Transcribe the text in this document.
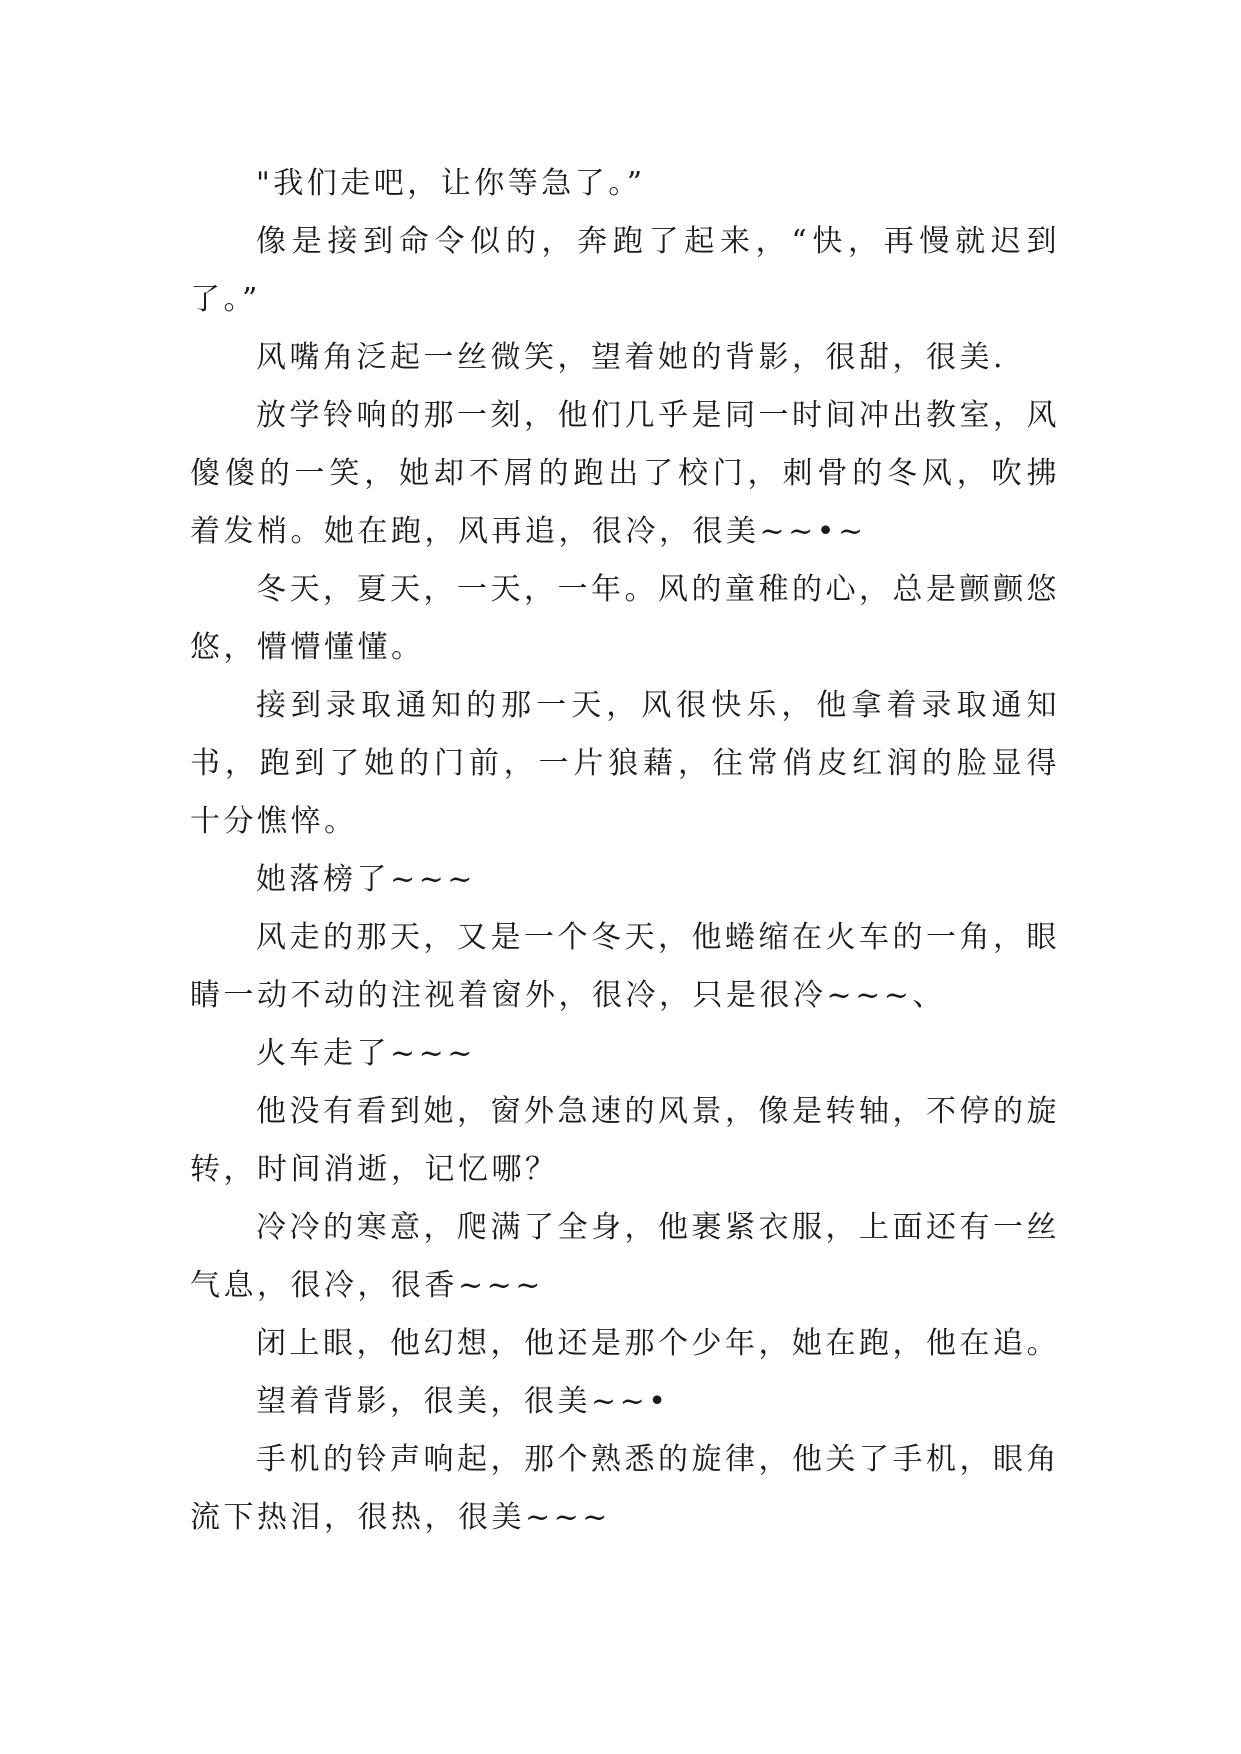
"我们走吧，让你等急了。”

像是接到命令似的，奔跑了起来，“快，再慢就迟到了。”

风嘴角泛起一丝微笑，望着她的背影，很甜，很美.

放学铃响的那一刻，他们几乎是同一时间冲出教室，风傻傻的一笑，她却不屑的跑出了校门，刺骨的冬风，吹拂着发梢。她在跑，风再追，很冷，很美~~•~

冬天，夏天，一天，一年。风的童稚的心，总是颤颤悠悠，懵懵懂懂。

接到录取通知的那一天，风很快乐，他拿着录取通知书，跑到了她的门前，一片狼藉，往常俏皮红润的脸显得十分憔悴。

她落榜了~~~

风走的那天，又是一个冬天，他蜷缩在火车的一角，眼睛一动不动的注视着窗外，很冷，只是很冷~~~、

火车走了~~~

他没有看到她，窗外急速的风景，像是转轴，不停的旋转，时间消逝，记忆哪？

冷冷的寒意，爬满了全身，他裹紧衣服，上面还有一丝气息，很冷，很香~~~

闭上眼，他幻想，他还是那个少年，她在跑，他在追。

望着背影，很美，很美~~•

手机的铃声响起，那个熟悉的旋律，他关了手机，眼角流下热泪，很热，很美~~~
